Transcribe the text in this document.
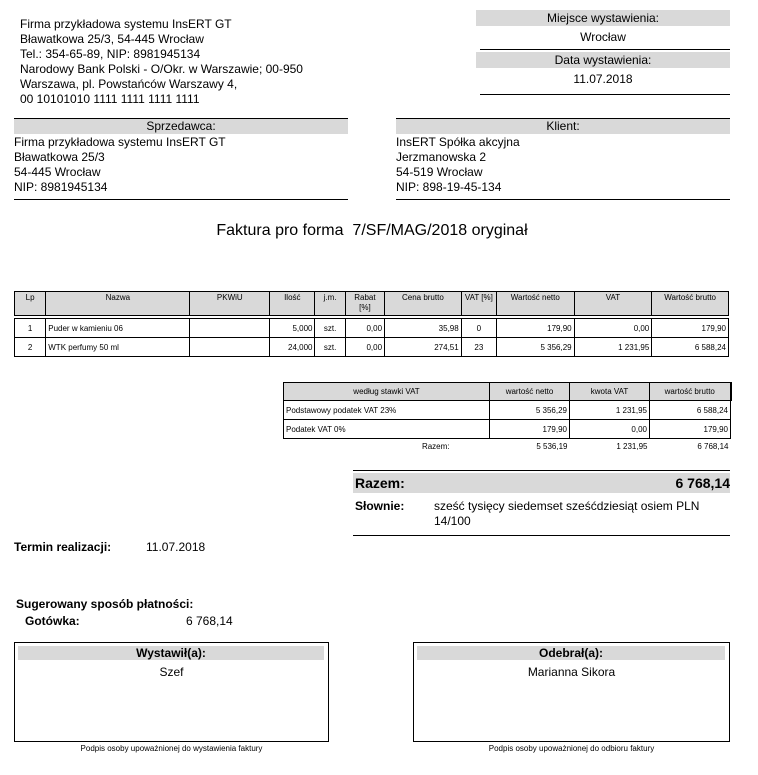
Firma przykładowa systemu InsERT GT
Bławatkowa 25/3, 54-445 Wrocław
Tel.: 354-65-89, NIP: 8981945134
Narodowy Bank Polski - O/Okr. w Warszawie; 00-950
Warszawa, pl. Powstańców Warszawy 4,
00 10101010 1111 1111 1111 1111
Miejsce wystawienia:
Wrocław
Data wystawienia:
11.07.2018
Sprzedawca:
Firma przykładowa systemu InsERT GT
Bławatkowa 25/3
54-445 Wrocław
NIP: 8981945134
Klient:
InsERT Spółka akcyjna
Jerzmanowska 2
54-519 Wrocław
NIP: 898-19-45-134
Faktura pro forma  7/SF/MAG/2018 oryginał
Lp	Nazwa	PKWiU	Ilość	j.m.	Rabat [%]	Cena brutto	VAT [%]	Wartość netto	VAT	Wartość brutto

1	Puder w kamieniu 06		5,000	szt.	0,00	35,98	0	179,90	0,00	179,90
2	WTK perfumy 50 ml		24,000	szt.	0,00	274,51	23	5 356,29	1 231,95	6 588,24
według stawki VAT	wartość netto	kwota VAT	wartość brutto
Podstawowy podatek VAT 23%	5 356,29	1 231,95	6 588,24
Podatek VAT 0%	179,90	0,00	179,90
Razem:	5 536,19	1 231,95	6 768,14
Razem:	6 768,14
Słownie: sześć tysięcy siedemset sześćdziesiąt osiem PLN
14/100
Termin realizacji:	11.07.2018
Sugerowany sposób płatności:
Gotówka:	6 768,14
Wystawił(a):
Szef
Podpis osoby upoważnionej do wystawienia faktury
Odebrał(a):
Marianna Sikora
Podpis osoby upoważnionej do odbioru faktury
